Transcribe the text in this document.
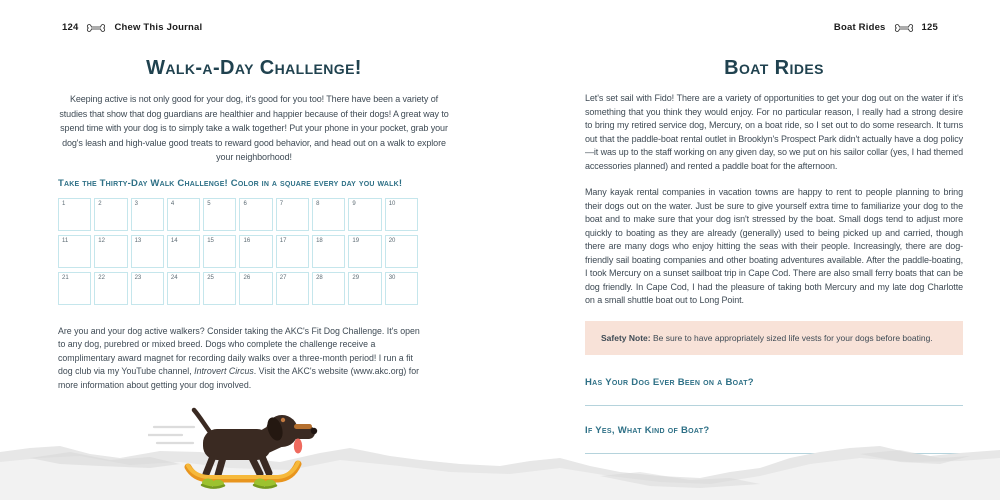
124	Chew This Journal	Boat Rides	125
Walk-a-Day Challenge!

Keeping active is not only good for your dog, it's good for you too! There have been a variety of studies that show that dog guardians are healthier and happier because of their dogs! A great way to spend time with your dog is to simply take a walk together! Put your phone in your pocket, grab your dog's leash and high-value good treats to reward good behavior, and head out on a walk to explore your neighborhood!

Take the Thirty-Day Walk Challenge! Color in a square every day you walk!
1	2	3	4	5	6	7	8	9	10
11	12	13	14	15	16	17	18	19	20
21	22	23	24	25	26	27	28	29	30

Are you and your dog active walkers? Consider taking the AKC's Fit Dog Challenge. It's open to any dog, purebred or mixed breed. Dogs who complete the challenge receive a complimentary award magnet for recording daily walks over a three-month period! I run a fit dog club via my YouTube channel, Introvert Circus. Visit the AKC's website (www.akc.org) for more information about getting your dog involved.

Boat Rides

Let's set sail with Fido! There are a variety of opportunities to get your dog out on the water if it's something that you think they would enjoy. For no particular reason, I really had a strong desire to bring my retired service dog, Mercury, on a boat ride, so I set out to do some research. It turns out that the paddle-boat rental outlet in Brooklyn's Prospect Park didn't actually have a dog policy—it was up to the staff working on any given day, so we put on his sailor collar (yes, I had themed accessories planned) and rented a paddle boat for the afternoon.

Many kayak rental companies in vacation towns are happy to rent to people planning to bring their dogs out on the water. Just be sure to give yourself extra time to familiarize your dog to the boat and to make sure that your dog isn't stressed by the boat. Small dogs tend to adjust more quickly to boating as they are already (generally) used to being picked up and carried, though there are many dogs who enjoy hitting the seas with their people. Increasingly, there are dog-friendly sail boating companies and other boating adventures available. After the paddle-boating, I took Mercury on a sunset sailboat trip in Cape Cod. There are also small ferry boats that can be dog friendly. In Cape Cod, I had the pleasure of taking both Mercury and my late dog Charlotte on a small shuttle boat out to Long Point.

Safety Note: Be sure to have appropriately sized life vests for your dogs before boating.
Has Your Dog Ever Been on a Boat?
If Yes, What Kind of Boat?
